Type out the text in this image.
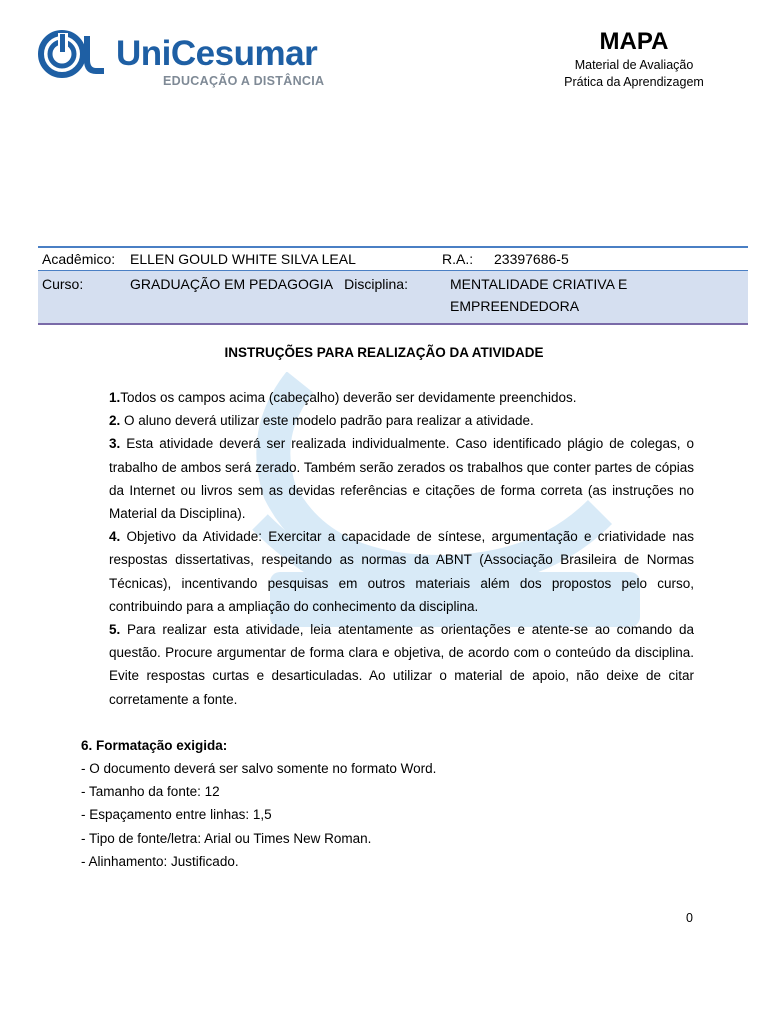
UniCesumar
EDUCAÇÃO A DISTÂNCIA
MAPA
Material de Avaliação
Prática da Aprendizagem
Acadêmico:	ELLEN GOULD WHITE SILVA LEAL	R.A.:	23397686-5
Curso:	GRADUAÇÃO EM PEDAGOGIA Disciplina:	MENTALIDADE CRIATIVA E
EMPREENDEDORA	
INSTRUÇÕES PARA REALIZAÇÃO DA ATIVIDADE

1.Todos os campos acima (cabeçalho) deverão ser devidamente preenchidos.

2. O aluno deverá utilizar este modelo padrão para realizar a atividade.

3. Esta atividade deverá ser realizada individualmente. Caso identificado plágio de colegas, o trabalho de ambos será zerado. Também serão zerados os trabalhos que conter partes de cópias da Internet ou livros sem as devidas referências e citações de forma correta (as instruções no Material da Disciplina).

4. Objetivo da Atividade: Exercitar a capacidade de síntese, argumentação e criatividade nas respostas dissertativas, respeitando as normas da ABNT (Associação Brasileira de Normas Técnicas), incentivando pesquisas em outros materiais além dos propostos pelo curso, contribuindo para a ampliação do conhecimento da disciplina.

5. Para realizar esta atividade, leia atentamente as orientações e atente-se ao comando da questão. Procure argumentar de forma clara e objetiva, de acordo com o conteúdo da disciplina. Evite respostas curtas e desarticuladas. Ao utilizar o material de apoio, não deixe de citar corretamente a fonte.

6. Formatação exigida:

- O documento deverá ser salvo somente no formato Word.

- Tamanho da fonte: 12

- Espaçamento entre linhas: 1,5

- Tipo de fonte/letra: Arial ou Times New Roman.

- Alinhamento: Justificado.

0
